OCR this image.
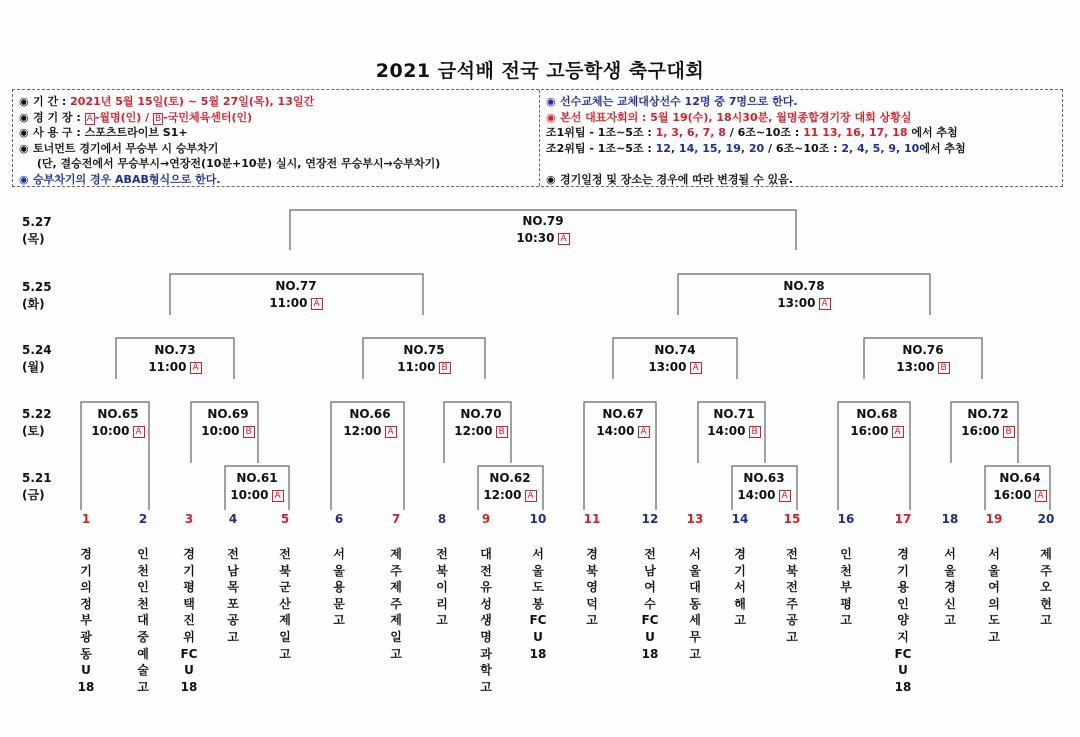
2021 금석배 전국 고등학생 축구대회
◉ 기 간 : 2021년 5월 15일(토) ~ 5월 27일(목), 13일간
◉ 경 기 장 : A -월명(인) / B -국민체육센터(인)
◉ 사 용 구 : 스포츠트라이브 S1+
◉ 토너먼트 경기에서 무승부 시 승부차기
(단, 결승전에서 무승부시→연장전(10분+10분) 실시, 연장전 무승부시→승부차기)
◉ 승부차기의 경우 ABAB형식으로 한다.
◉ 선수교체는 교체대상선수 12명 중 7명으로 한다.
◉ 본선 대표자회의 : 5월 19(수), 18시30분, 월명종합경기장 대회 상황실
조1위팀 - 1조~5조 : 1, 3, 6, 7, 8 / 6조~10조 : 11 13, 16, 17, 18 에서 추첨
조2위팀 - 1조~5조 : 12, 14, 15, 19, 20 / 6조~10조 : 2, 4, 5, 9, 10에서 추첨
◉ 경기일정 및 장소는 경우에 따라 변경될 수 있음.
5.27
(목)
5.25
(화)
5.24
(월)
5.22
(토)
5.21
(금)
NO.79
10:30 A
NO.77
11:00 A
NO.78
13:00 A
NO.73
11:00 A
NO.75
11:00 B
NO.74
13:00 A
NO.76
13:00 B
NO.65
10:00 A
NO.69
10:00 B
NO.66
12:00 A
NO.70
12:00 B
NO.67
14:00 A
NO.71
14:00 B
NO.68
16:00 A
NO.72
16:00 B
NO.61
10:00 A
NO.62
12:00 A
NO.63
14:00 A
NO.64
16:00 A
1
경
기
의
정
부
광
동
U
18
2
인
천
인
천
대
중
예
술
고
3
경
기
평
택
진
위
FC
U
18
4
전
남
목
포
공
고
5
전
북
군
산
제
일
고
6
서
울
용
문
고
7
제
주
제
주
제
일
고
8
전
북
이
리
고
9
대
전
유
성
생
명
과
학
고
10
서
울
도
봉
FC
U
18
11
경
북
영
덕
고
12
전
남
여
수
FC
U
18
13
서
울
대
동
세
무
고
14
경
기
서
해
고
15
전
북
전
주
공
고
16
인
천
부
평
고
17
경
기
용
인
양
지
FC
U
18
18
서
울
경
신
고
19
서
울
여
의
도
고
20
제
주
오
현
고
